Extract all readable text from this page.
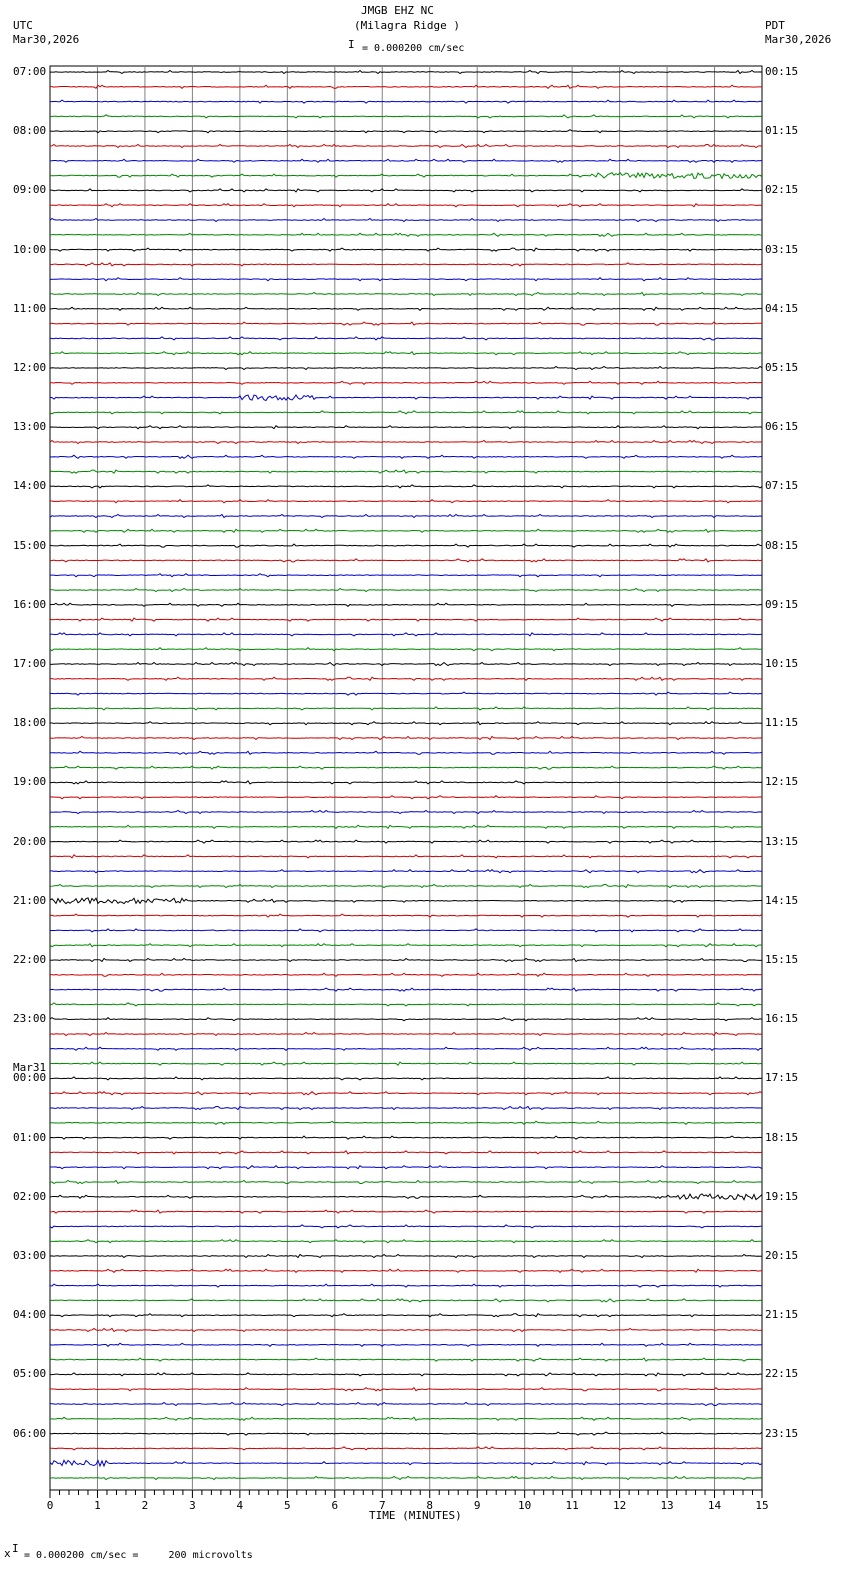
0	1	2	3	4	5	6	7	8	9	10	11	12	13	14	15
JMGB EHZ NC
(Milagra Ridge )
I = 0.000200 cm/sec
UTC
Mar30,2026
PDT
Mar30,2026
Mar31
07:00
08:00
09:00
10:00
11:00
12:00
13:00
14:00
15:00
16:00
17:00
18:00
19:00
20:00
21:00
22:00
23:00
00:00
01:00
02:00
03:00
04:00
05:00
06:00
00:15
01:15
02:15
03:15
04:15
05:15
06:15
07:15
08:15
09:15
10:15
11:15
12:15
13:15
14:15
15:15
16:15
17:15
18:15
19:15
20:15
21:15
22:15
23:15
TIME (MINUTES)
x I
= 0.000200 cm/sec =     200 microvolts
